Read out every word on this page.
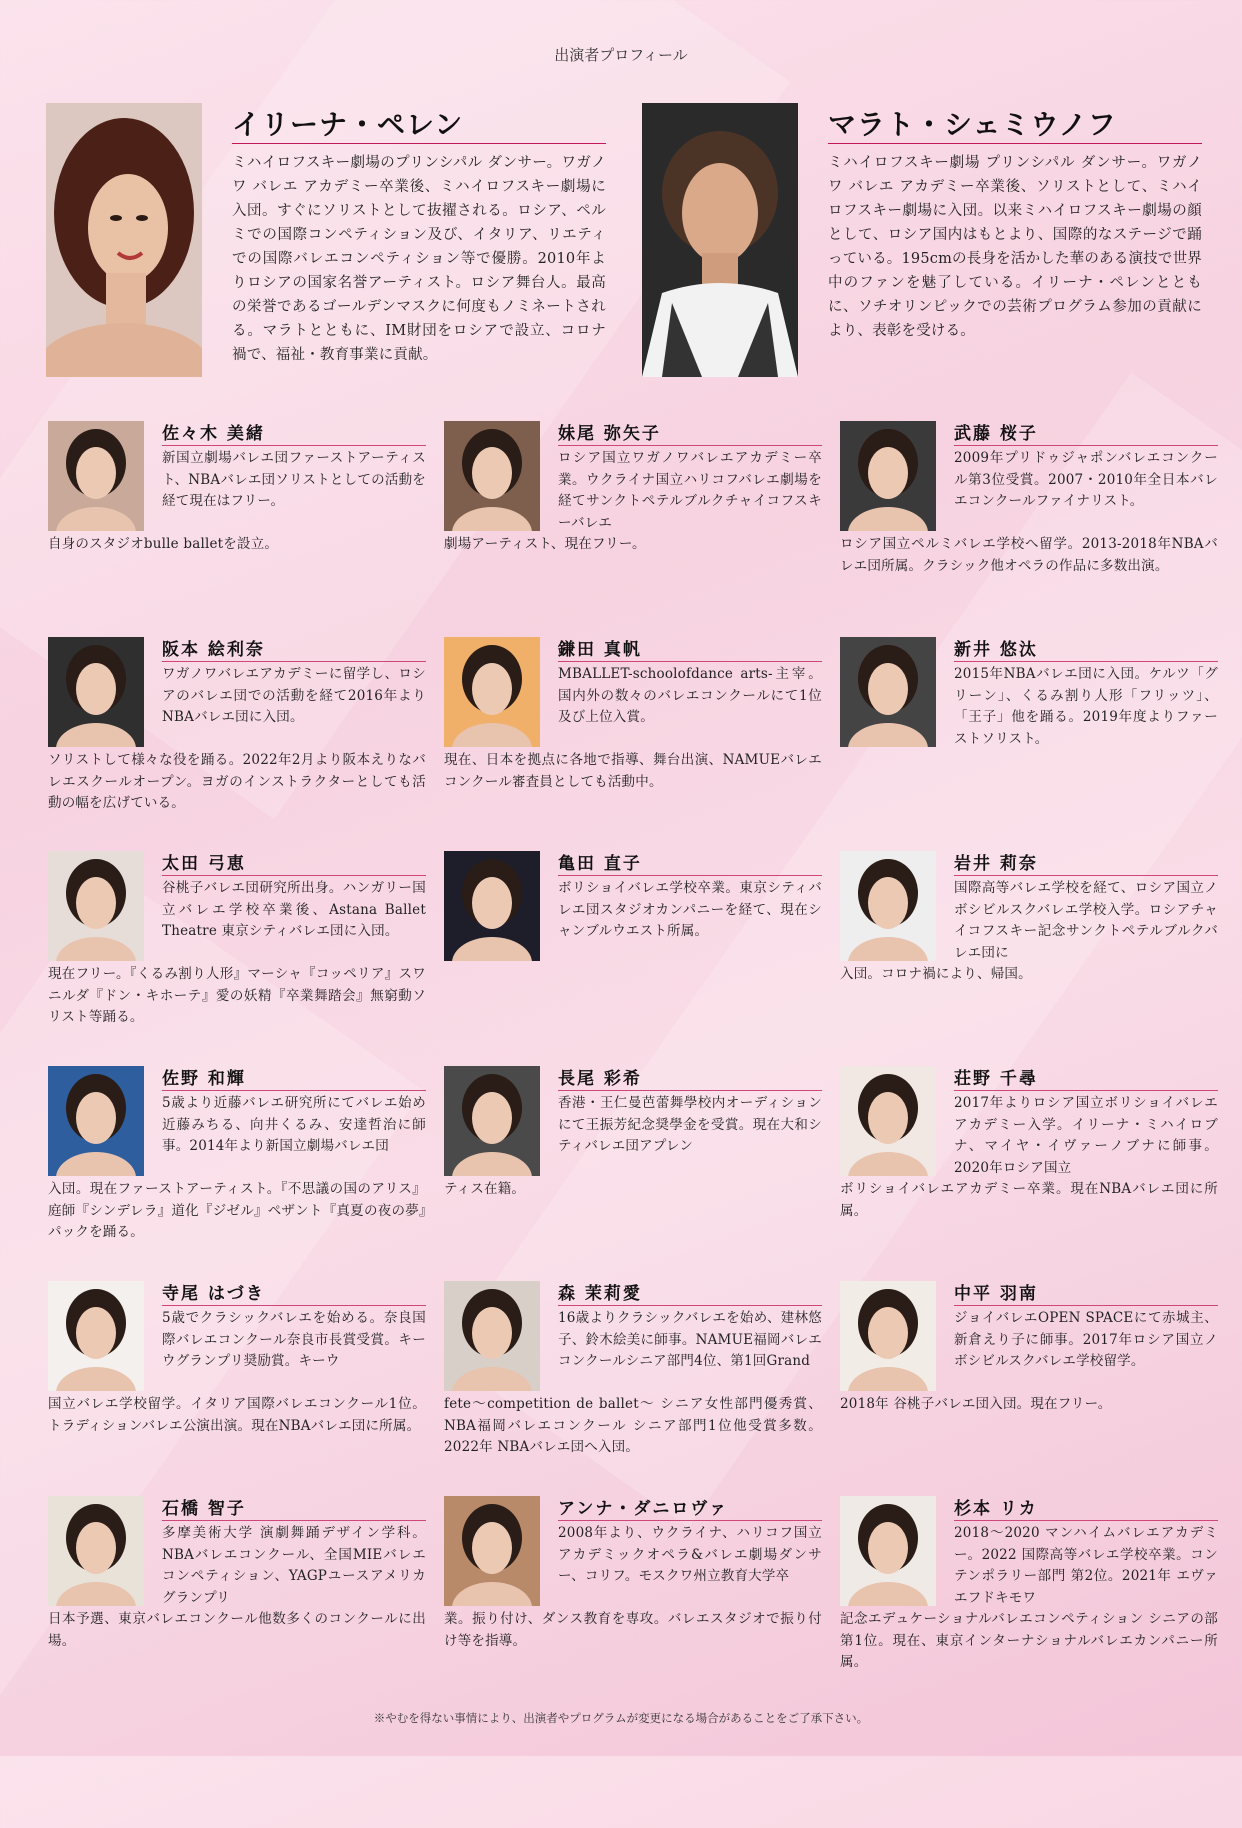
出演者プロフィール
イリーナ・ペレン
ミハイロフスキー劇場のプリンシパル ダンサー。ワガノワ バレエ アカデミー卒業後、ミハイロフスキー劇場に入団。すぐにソリストとして抜擢される。ロシア、ペルミでの国際コンペティション及び、イタリア、リエティでの国際バレエコンペティション等で優勝。2010年よりロシアの国家名誉アーティスト。ロシア舞台人。最高の栄誉であるゴールデンマスクに何度もノミネートされる。マラトとともに、IM財団をロシアで設立、コロナ禍で、福祉・教育事業に貢献。
マラト・シェミウノフ
ミハイロフスキー劇場 プリンシパル ダンサー。ワガノワ バレエ アカデミー卒業後、ソリストとして、ミハイロフスキー劇場に入団。以来ミハイロフスキー劇場の顔として、ロシア国内はもとより、国際的なステージで踊っている。195cmの長身を活かした華のある演技で世界中のファンを魅了している。イリーナ・ペレンとともに、ソチオリンピックでの芸術プログラム参加の貢献により、表彰を受ける。
佐々木 美緒
新国立劇場バレエ団ファーストアーティスト、NBAバレエ団ソリストとしての活動を経て現在はフリー。
自身のスタジオbulle balletを設立。
妹尾 弥矢子
ロシア国立ワガノワバレエアカデミー卒業。ウクライナ国立ハリコフバレエ劇場を経てサンクトペテルブルクチャイコフスキーバレエ
劇場アーティスト、現在フリー。
武藤 桜子
2009年プリドゥジャポンバレエコンクール第3位受賞。2007・2010年全日本バレエコンクールファイナリスト。
ロシア国立ペルミバレエ学校へ留学。2013-2018年NBAバレエ団所属。クラシック他オペラの作品に多数出演。
阪本 絵利奈
ワガノワバレエアカデミーに留学し、ロシアのバレエ団での活動を経て2016年よりNBAバレエ団に入団。
ソリストして様々な役を踊る。2022年2月より阪本えりなバレエスクールオープン。ヨガのインストラクターとしても活動の幅を広げている。
鎌田 真帆
MBALLET-schoolofdance arts-主宰。国内外の数々のバレエコンクールにて1位及び上位入賞。
現在、日本を拠点に各地で指導、舞台出演、NAMUEバレエコンクール審査員としても活動中。
新井 悠汰
2015年NBAバレエ団に入団。ケルツ「グリーン」、くるみ割り人形「フリッツ」、「王子」他を踊る。2019年度よりファーストソリスト。
太田 弓恵
谷桃子バレエ団研究所出身。ハンガリー国立バレエ学校卒業後、Astana Ballet Theatre 東京シティバレエ団に入団。
現在フリー。『くるみ割り人形』マーシャ『コッペリア』スワニルダ『ドン・キホーテ』愛の妖精『卒業舞踏会』無窮動ソリスト等踊る。
亀田 直子
ボリショイバレエ学校卒業。東京シティバレエ団スタジオカンパニーを経て、現在シャンブルウエスト所属。
岩井 莉奈
国際高等バレエ学校を経て、ロシア国立ノボシビルスクバレエ学校入学。ロシアチャイコフスキー記念サンクトペテルブルクバレエ団に
入団。コロナ禍により、帰国。
佐野 和輝
5歳より近藤バレエ研究所にてバレエ始め近藤みちる、向井くるみ、安達哲治に師事。2014年より新国立劇場バレエ団
入団。現在ファーストアーティスト。『不思議の国のアリス』庭師『シンデレラ』道化『ジゼル』ペザント『真夏の夜の夢』パックを踊る。
長尾 彩希
香港・王仁曼芭蕾舞學校内オーディションにて王振芳紀念奨學金を受賞。現在大和シティバレエ団アプレン
ティス在籍。
荘野 千尋
2017年よりロシア国立ボリショイバレエアカデミー入学。イリーナ・ミハイロブナ、マイヤ・イヴァーノブナに師事。2020年ロシア国立
ボリショイバレエアカデミー卒業。現在NBAバレエ団に所属。
寺尾 はづき
5歳でクラシックバレエを始める。奈良国際バレエコンクール奈良市長賞受賞。キーウグランプリ奨励賞。キーウ
国立バレエ学校留学。イタリア国際バレエコンクール1位。トラディションバレエ公演出演。現在NBAバレエ団に所属。
森 茉莉愛
16歳よりクラシックバレエを始め、建林悠子、鈴木絵美に師事。NAMUE福岡バレエコンクールシニア部門4位、第1回Grand
fete〜competition de ballet〜 シニア女性部門優秀賞、NBA福岡バレエコンクール シニア部門1位他受賞多数。2022年 NBAバレエ団へ入団。
中平 羽南
ジョイバレエOPEN SPACEにて赤城主、新倉えり子に師事。2017年ロシア国立ノボシビルスクバレエ学校留学。
2018年 谷桃子バレエ団入団。現在フリー。
石橋 智子
多摩美術大学 演劇舞踊デザイン学科。NBAバレエコンクール、全国MIEバレエコンペティション、YAGPユースアメリカグランプリ
日本予選、東京バレエコンクール他数多くのコンクールに出場。
アンナ・ダニロヴァ
2008年より、ウクライナ、ハリコフ国立アカデミックオペラ&バレエ劇場ダンサー、コリフ。モスクワ州立教育大学卒
業。振り付け、ダンス教育を専攻。バレエスタジオで振り付け等を指導。
杉本 リカ
2018〜2020 マンハイムバレエアカデミー。2022 国際高等バレエ学校卒業。コンテンポラリー部門 第2位。2021年 エヴァエフドキモワ
記念エデュケーショナルバレエコンペティション シニアの部 第1位。現在、東京インターナショナルバレエカンパニー所属。
※やむを得ない事情により、出演者やプログラムが変更になる場合があることをご了承下さい。
